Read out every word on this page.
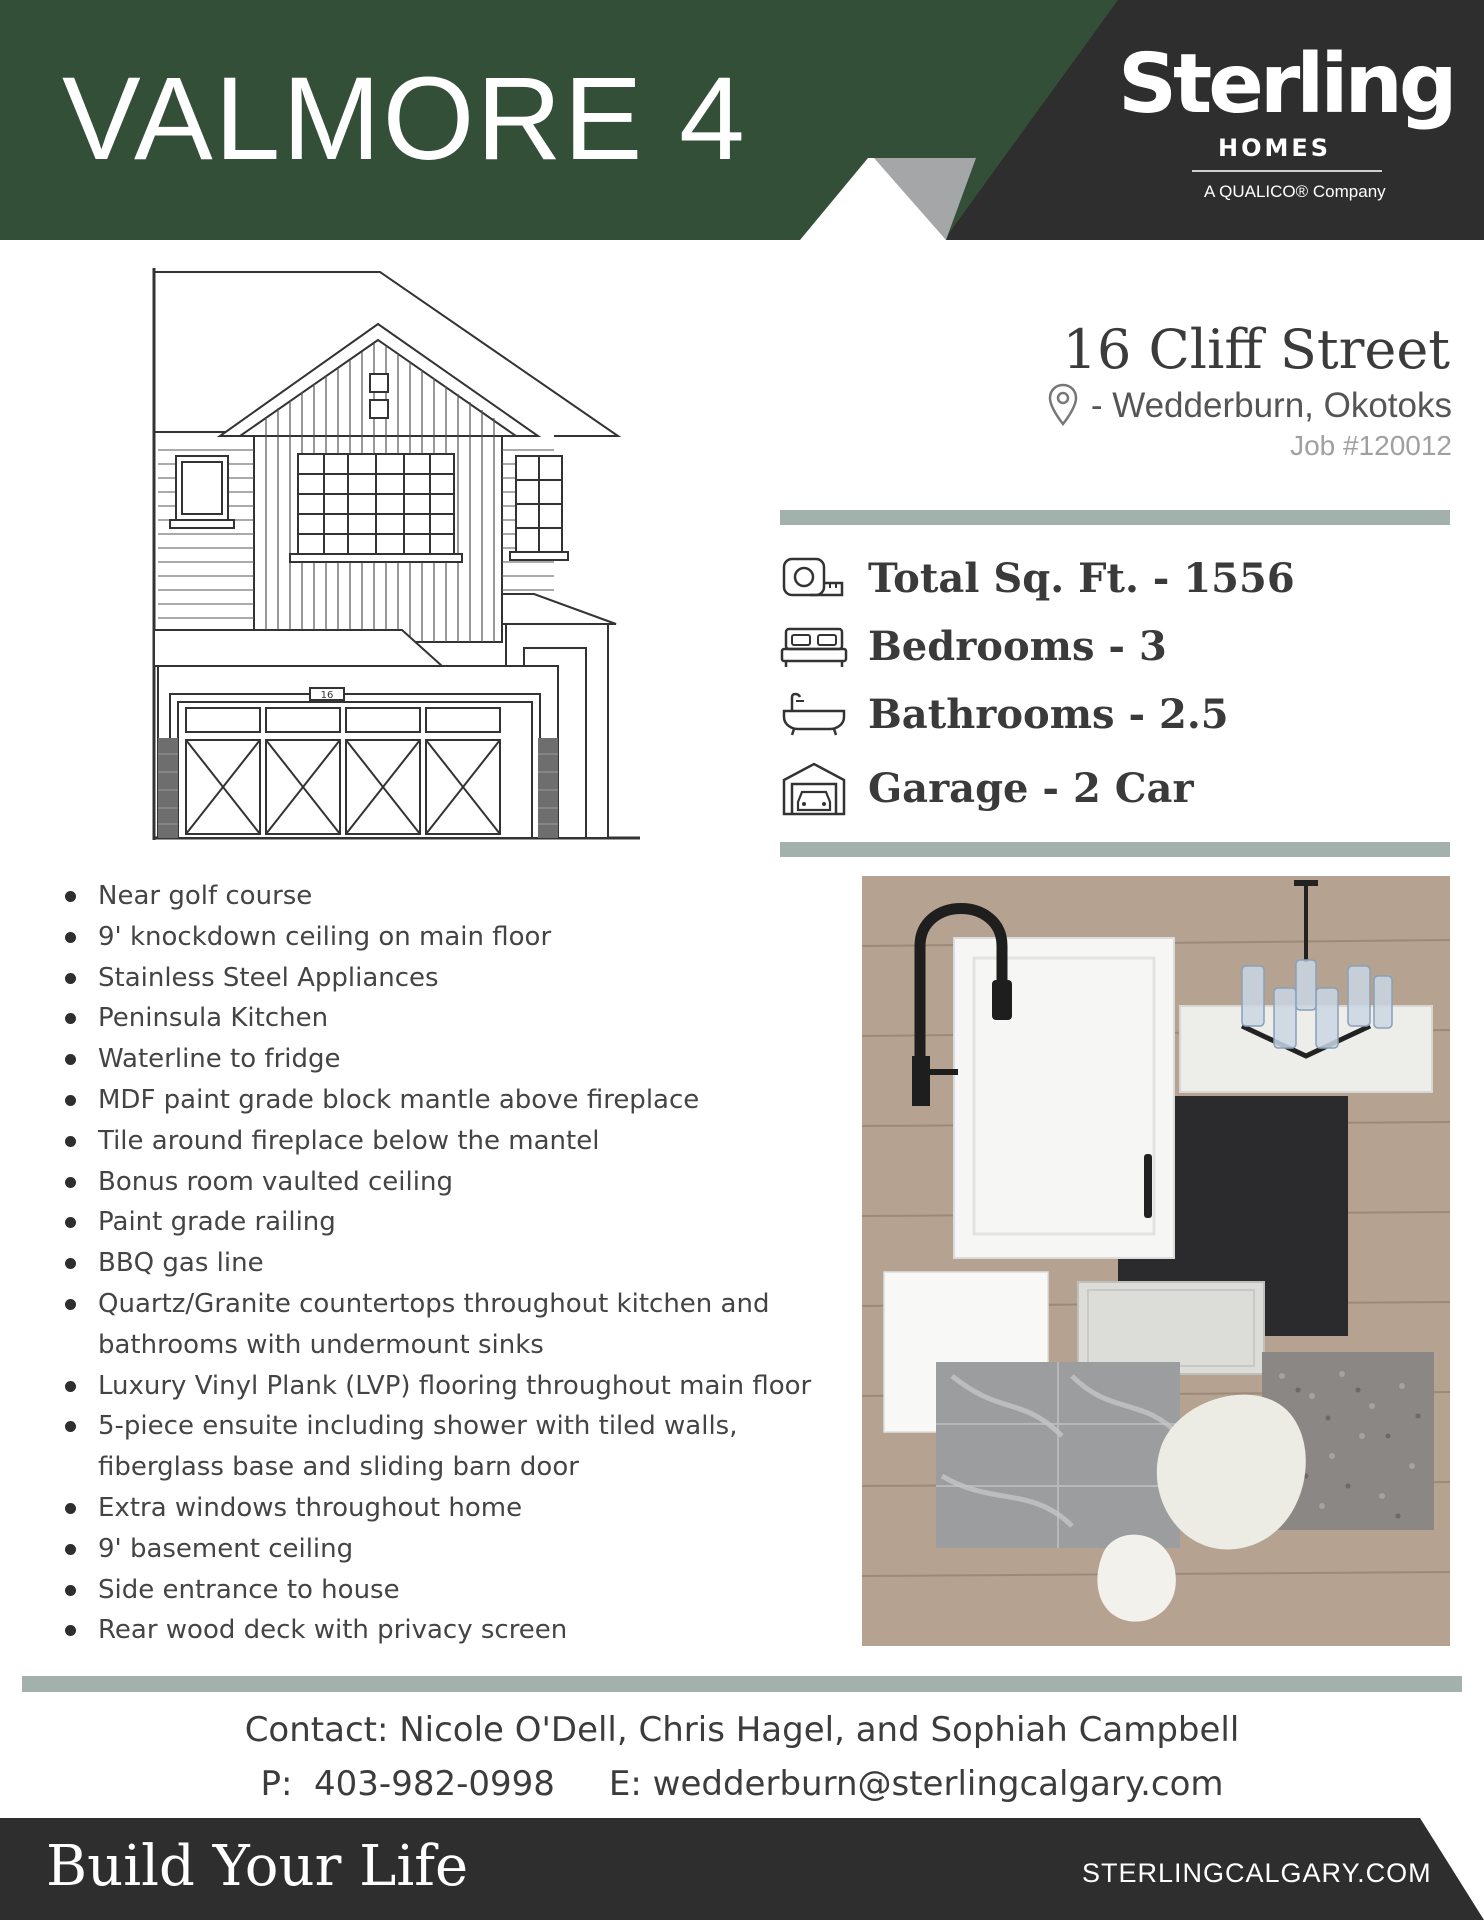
VALMORE 4	Sterling
HOMES
A QUALICO® Company
16
16 Cliff Street
- Wedderburn, Okotoks
Job #120012
Total Sq. Ft. - 1556
Bedrooms - 3
Bathrooms - 2.5
Garage - 2 Car
Near golf course
9' knockdown ceiling on main floor
Stainless Steel Appliances
Peninsula Kitchen
Waterline to fridge
MDF paint grade block mantle above fireplace
Tile around fireplace below the mantel
Bonus room vaulted ceiling
Paint grade railing
BBQ gas line
Quartz/Granite countertops throughout kitchen and bathrooms with undermount sinks
Luxury Vinyl Plank (LVP) flooring throughout main floor
5-piece ensuite including shower with tiled walls, fiberglass base and sliding barn door
Extra windows throughout home
9' basement ceiling
Side entrance to house
Rear wood deck with privacy screen
Contact: Nicole O'Dell, Chris Hagel, and Sophiah Campbell
P:  403-982-0998     E: wedderburn@sterlingcalgary.com
Build Your Life	STERLINGCALGARY.COM
